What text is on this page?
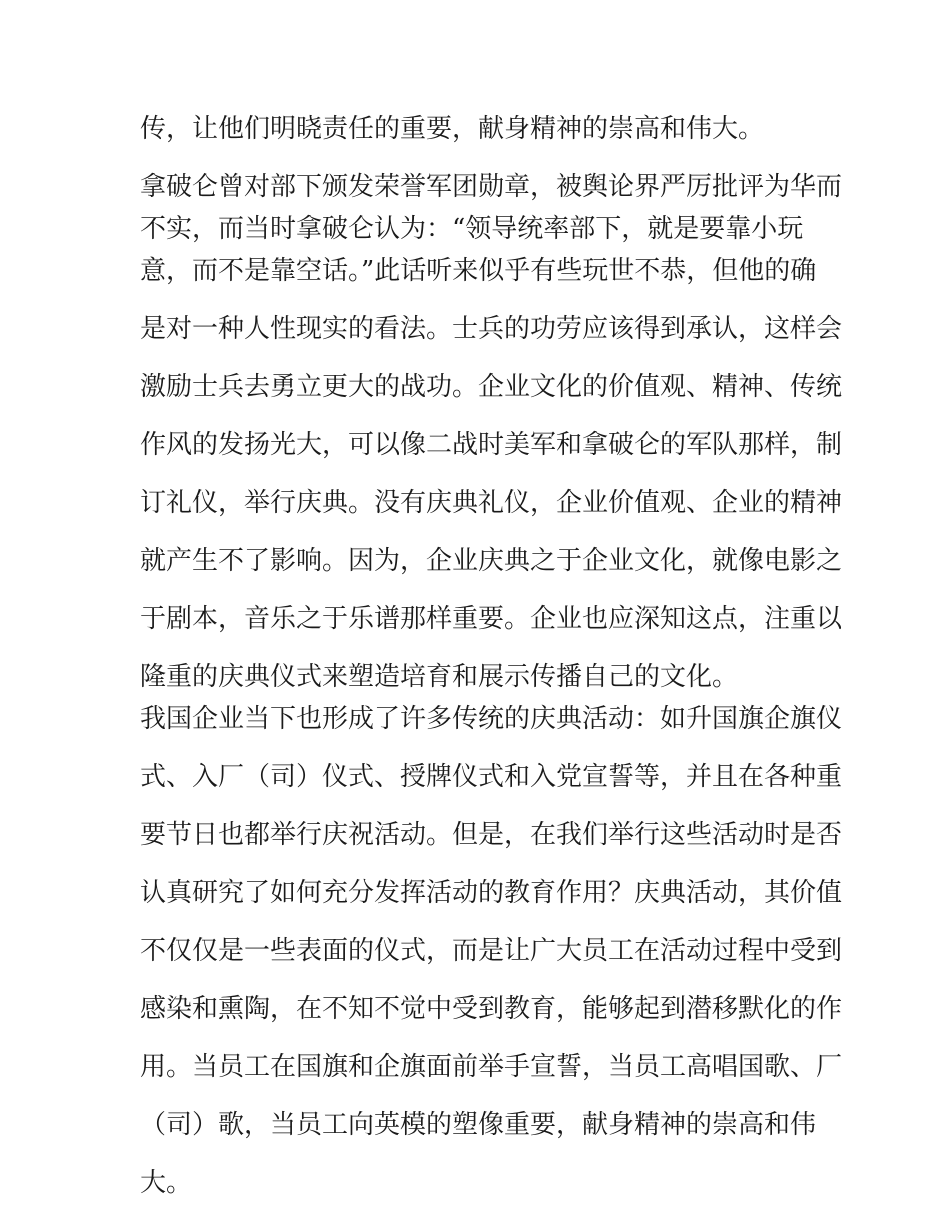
传，让他们明晓责任的重要，献身精神的崇高和伟大。
拿破仑曾对部下颁发荣誉军团勋章，被舆论界严厉批评为华而
不实，而当时拿破仑认为：“领导统率部下，就是要靠小玩
意，而不是靠空话。”此话听来似乎有些玩世不恭，但他的确
是对一种人性现实的看法。士兵的功劳应该得到承认，这样会
激励士兵去勇立更大的战功。企业文化的价值观、精神、传统
作风的发扬光大，可以像二战时美军和拿破仑的军队那样，制
订礼仪，举行庆典。没有庆典礼仪，企业价值观、企业的精神
就产生不了影响。因为，企业庆典之于企业文化，就像电影之
于剧本，音乐之于乐谱那样重要。企业也应深知这点，注重以
隆重的庆典仪式来塑造培育和展示传播自己的文化。
我国企业当下也形成了许多传统的庆典活动：如升国旗企旗仪
式、入厂（司）仪式、授牌仪式和入党宣誓等，并且在各种重
要节日也都举行庆祝活动。但是，在我们举行这些活动时是否
认真研究了如何充分发挥活动的教育作用？庆典活动，其价值
不仅仅是一些表面的仪式，而是让广大员工在活动过程中受到
感染和熏陶，在不知不觉中受到教育，能够起到潜移默化的作
用。当员工在国旗和企旗面前举手宣誓，当员工高唱国歌、厂
（司）歌，当员工向英模的塑像重要，献身精神的崇高和伟
大。
